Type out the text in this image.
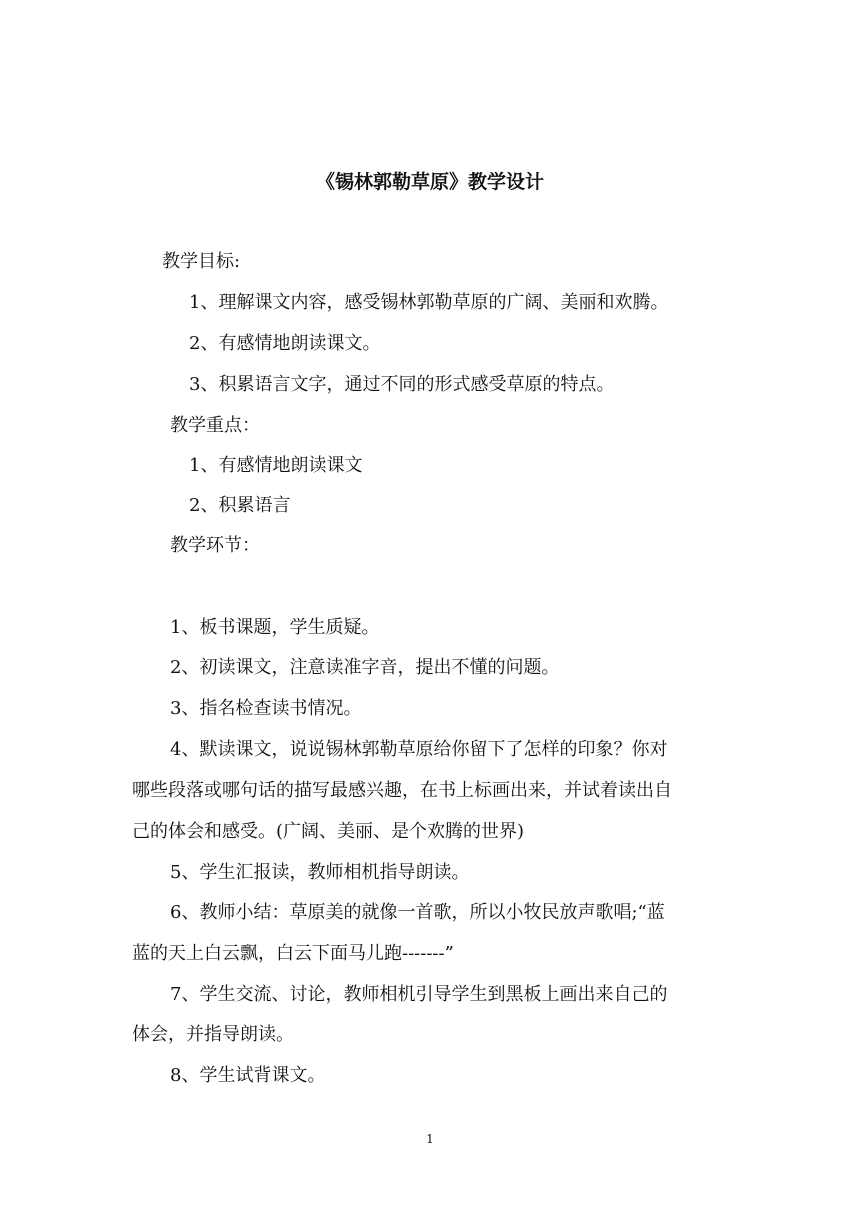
《锡林郭勒草原》教学设计
教学目标:
1、理解课文内容，感受锡林郭勒草原的广阔、美丽和欢腾。
2、有感情地朗读课文。
3、积累语言文字，通过不同的形式感受草原的特点。
教学重点：
1、有感情地朗读课文
2、积累语言
教学环节：
1、板书课题，学生质疑。
2、初读课文，注意读准字音，提出不懂的问题。
3、指名检查读书情况。
4、默读课文，说说锡林郭勒草原给你留下了怎样的印象？你对
哪些段落或哪句话的描写最感兴趣，在书上标画出来，并试着读出自
己的体会和感受。(广阔、美丽、是个欢腾的世界)
5、学生汇报读，教师相机指导朗读。
6、教师小结：草原美的就像一首歌，所以小牧民放声歌唱;“蓝
蓝的天上白云飘，白云下面马儿跑-------”
7、学生交流、讨论，教师相机引导学生到黑板上画出来自己的
体会，并指导朗读。
8、学生试背课文。
1
